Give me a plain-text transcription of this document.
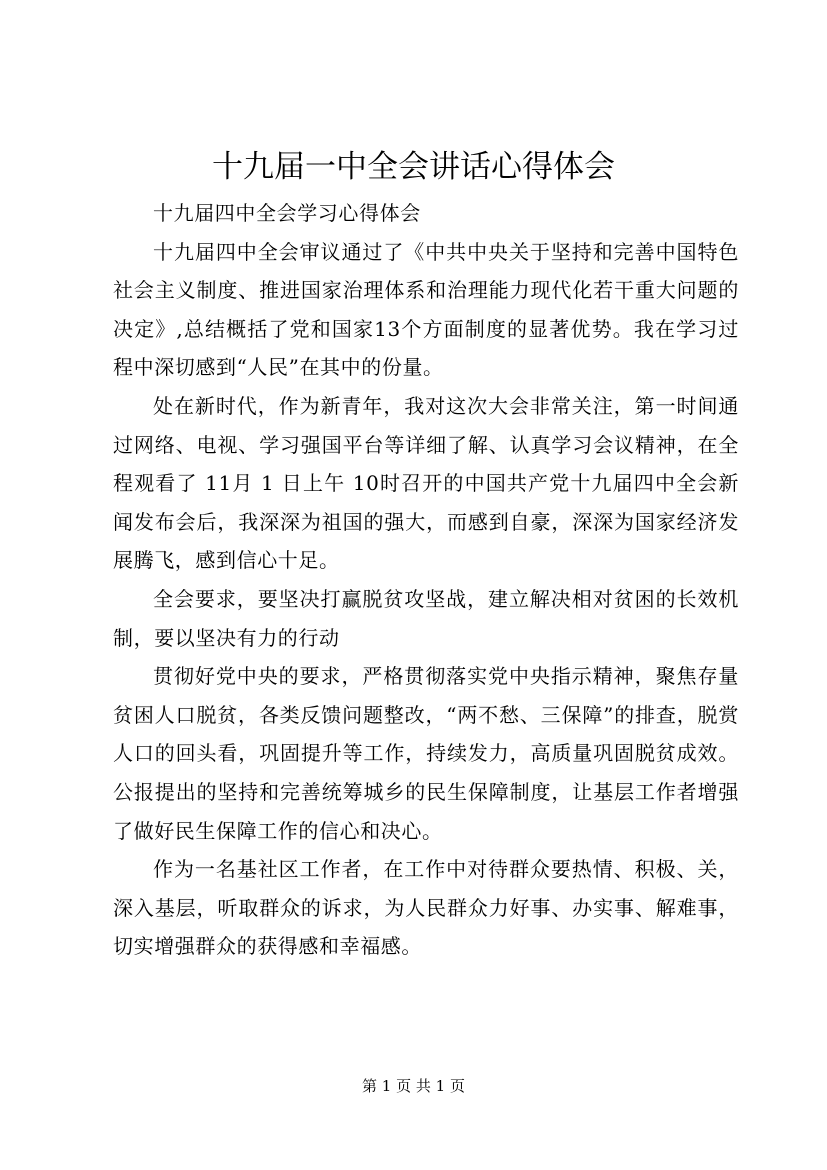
十九届一中全会讲话心得体会

十九届四中全会学习心得体会

十九届四中全会审议通过了《中共中央关于坚持和完善中国特色社会主义制度、推进国家治理体系和治理能力现代化若干重大问题的决定》,总结概括了党和国家13个方面制度的显著优势。我在学习过程中深切感到“人民”在其中的份量。

处在新时代，作为新青年，我对这次大会非常关注，第一时间通过网络、电视、学习强国平台等详细了解、认真学习会议精神，在全程观看了 11月 1 日上午 10时召开的中国共产党十九届四中全会新闻发布会后，我深深为祖国的强大，而感到自豪，深深为国家经济发展腾飞，感到信心十足。

全会要求，要坚决打赢脱贫攻坚战，建立解决相对贫困的长效机制，要以坚决有力的行动

贯彻好党中央的要求，严格贯彻落实党中央指示精神，聚焦存量贫困人口脱贫，各类反馈问题整改，“两不愁、三保障”的排查，脱赏人口的回头看，巩固提升等工作，持续发力，高质量巩固脱贫成效。公报提出的坚持和完善统筹城乡的民生保障制度，让基层工作者增强了做好民生保障工作的信心和决心。

作为一名基社区工作者，在工作中对待群众要热情、积极、关，深入基层，听取群众的诉求，为人民群众力好事、办实事、解难事，切实增强群众的获得感和幸福感。

第 1 页 共 1 页
